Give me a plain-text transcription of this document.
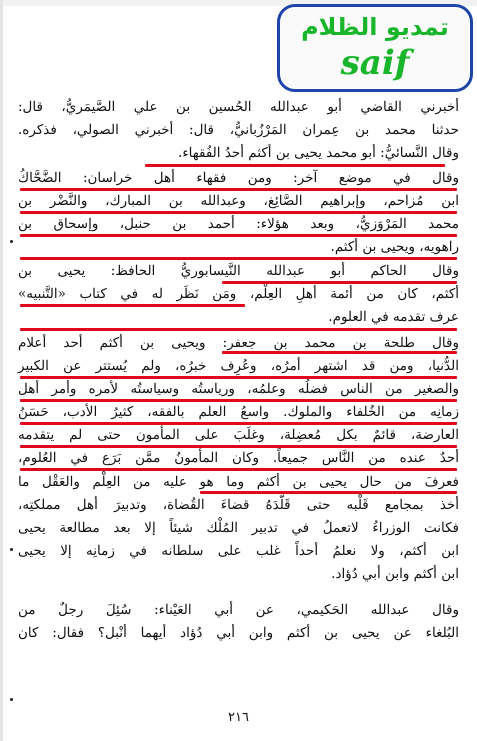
تمديو الظلام
saif
أخبرني القاضي أبو عبدالله الحُسين بن علي الصَّيمَريُّ، قال:
حدثنا محمد بن عِمران المَرْزُبانيُّ، قال: أخبرني الصولي، فذكره.
وقال النَّسائيُّ: أبو محمد يحيى بن أكثم أحدُ الفُقهاء.
وقال في موضع آخر: ومن فقهاء أهل خراسان: الضَّحَّاكُ
ابن مُزاحم، وإبراهيم الصَّائِغ، وعبدالله بن المبارك، والنَّضْر بن
محمد المَرْوَزيُّ، وبعد هؤلاء: أحمد بن حنبل، وإسحاق بن
راهويه، ويحيى بن أكثم.
وقال الحاكم أبو عبدالله النَّيسابوريُّ الحافظ: يحيى بن
أكثم، كان من أئمة أهلِ العِلْم، ومَن نَظَر له في كتاب «التَّنبيه»
عرف تقدمه في العلوم.
وقال طلحة بن محمد بن جعفر: ويحيى بن أكثم أحد أعلام
الدُّنيا، ومن قد اشتهر أمرُه، وعُرِف خبرُه، ولم يُستتر عن الكبير
والصغير من الناس فضلُه وعلمُه، ورياستُه وسياستُه لأمره وأمر أهل
زمانِه من الخُلفاء والملوك. واسعُ العلم بالفقه، كثيرُ الأدب، حَسَنُ
العارضة، قائمٌ بكل مُعضِلة، وغلَبَ على المأمون حتى لم يتقدمه
أحدٌ عنده من النَّاس جميعاً. وكان المأمونُ ممَّن بَرَع في العُلوم،
فعرفَ من حال يحيى بن أكثم وما هو عليه من العِلْم والعَقْل ما
أخذ بمجامع قَلْبه حتى قَلَّدَهُ قضاءَ القُضاة، وتدبيرَ أهل مملكتِه،
فكانت الوزراءُ لاتعملُ في تدبير المُلْك شيئاً إلا بعد مطالعة يحيى
ابن أكثم، ولا نعلمُ أحداً غلب على سلطانه في زمانِه إلا يحيى
ابن أكثم وابن أبي دُؤاد.
وقال عبدالله الحَكيمي، عن أبي العَيْناء: سُئِلَ رجلٌ من
البُلغاء عن يحيى بن أكثم وابن أبي دُؤاد أيهما أنْبل؟ فقال: كان
٢١٦
